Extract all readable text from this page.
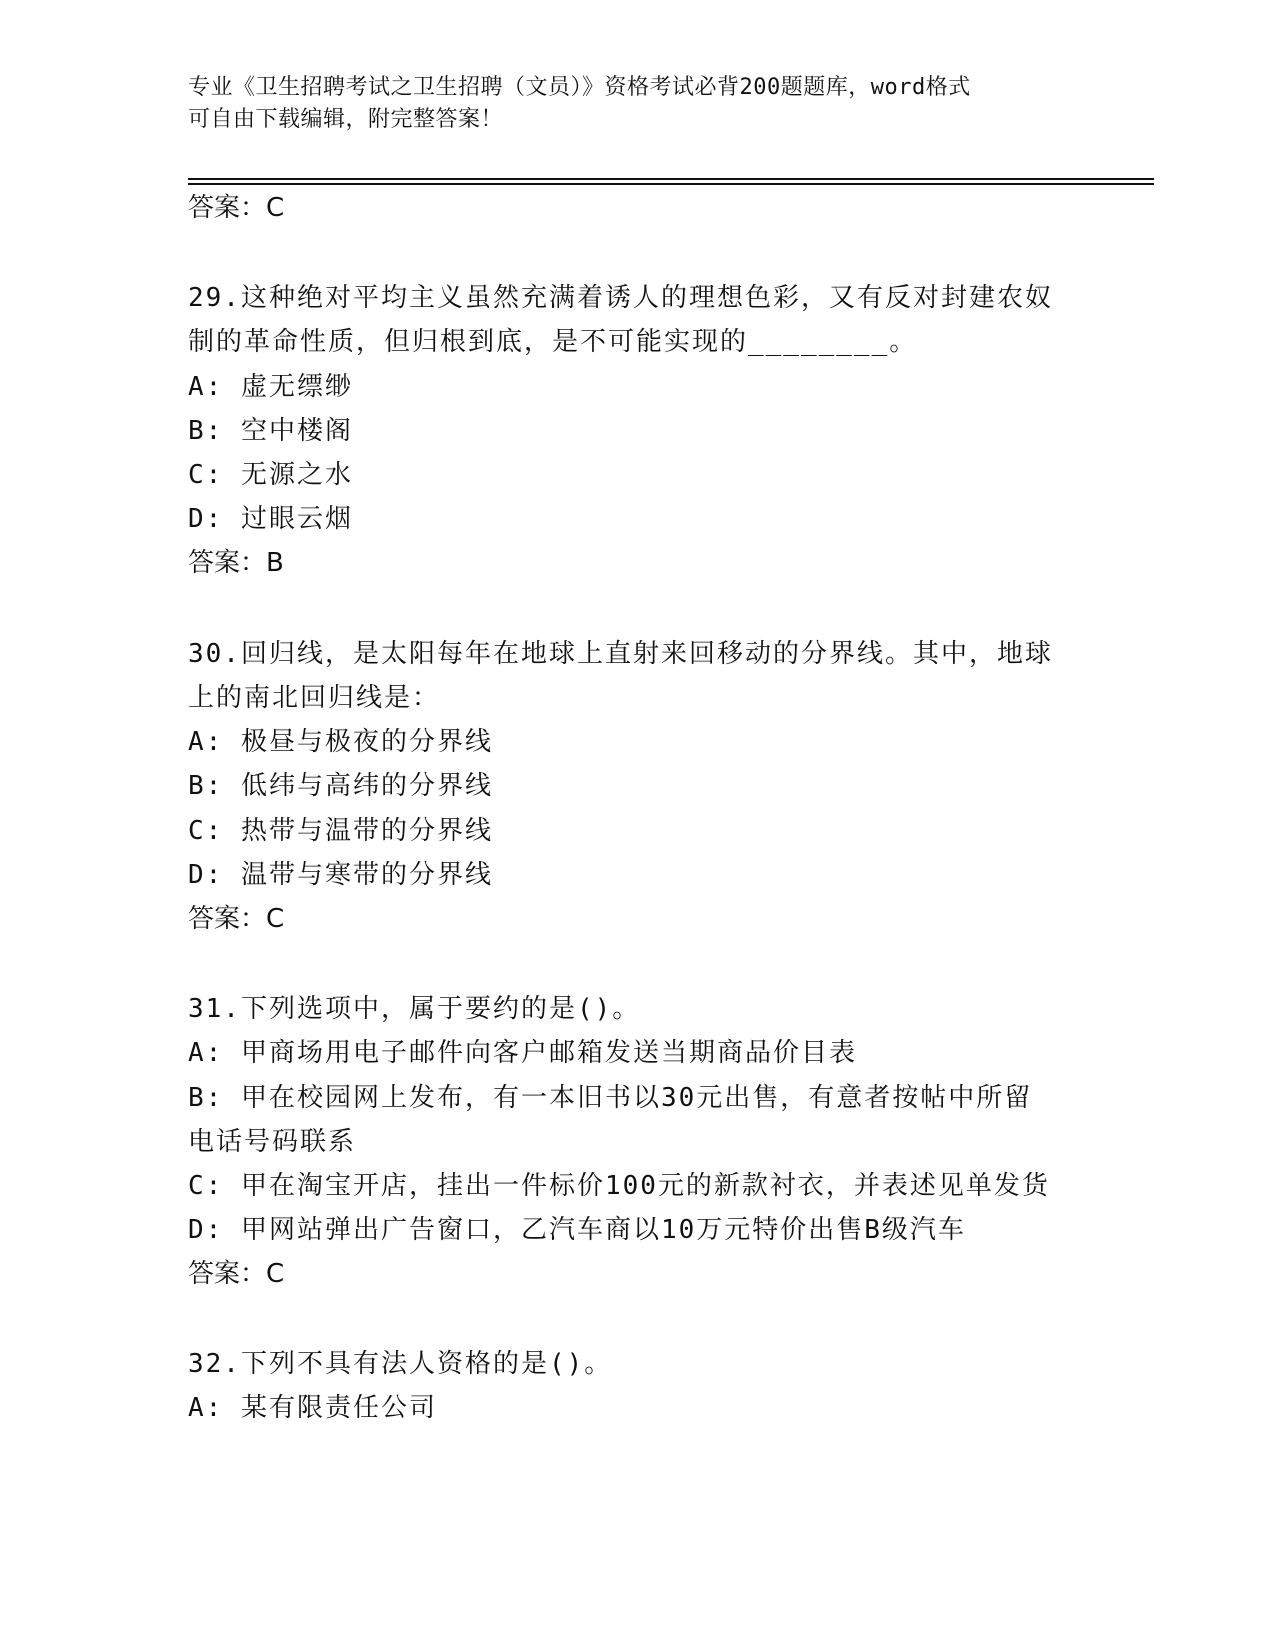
专业《卫生招聘考试之卫生招聘（文员）》资格考试必背200题题库，word格式
可自由下载编辑，附完整答案！
答案：C
29.这种绝对平均主义虽然充满着诱人的理想色彩，又有反对封建农奴
制的革命性质，但归根到底，是不可能实现的________。
A: 虚无缥缈
B: 空中楼阁
C: 无源之水
D: 过眼云烟
答案：B
30.回归线，是太阳每年在地球上直射来回移动的分界线。其中，地球
上的南北回归线是：
A: 极昼与极夜的分界线
B: 低纬与高纬的分界线
C: 热带与温带的分界线
D: 温带与寒带的分界线
答案：C
31.下列选项中，属于要约的是()。
A: 甲商场用电子邮件向客户邮箱发送当期商品价目表
B: 甲在校园网上发布，有一本旧书以30元出售，有意者按帖中所留
电话号码联系
C: 甲在淘宝开店，挂出一件标价100元的新款衬衣，并表述见单发货
D: 甲网站弹出广告窗口，乙汽车商以10万元特价出售B级汽车
答案：C
32.下列不具有法人资格的是()。
A: 某有限责任公司
